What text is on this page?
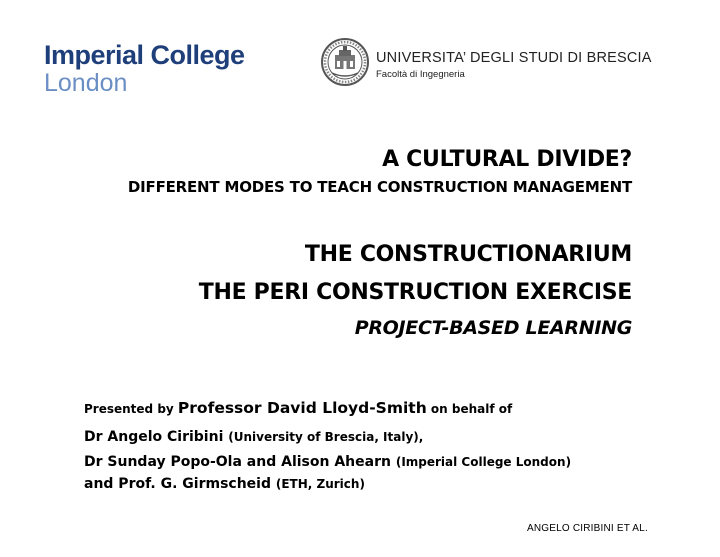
Imperial College
London
UNIVERSITA’ DEGLI STUDI DI BRESCIA
Facoltà di Ingegneria
A CULTURAL DIVIDE?
DIFFERENT MODES TO TEACH CONSTRUCTION MANAGEMENT
THE CONSTRUCTIONARIUM
THE PERI CONSTRUCTION EXERCISE
PROJECT-BASED LEARNING
Presented by Professor David Lloyd-Smith on behalf of
Dr Angelo Ciribini (University of Brescia, Italy),
Dr Sunday Popo-Ola and Alison Ahearn (Imperial College London)
and Prof. G. Girmscheid (ETH, Zurich)
ANGELO CIRIBINI ET AL.
